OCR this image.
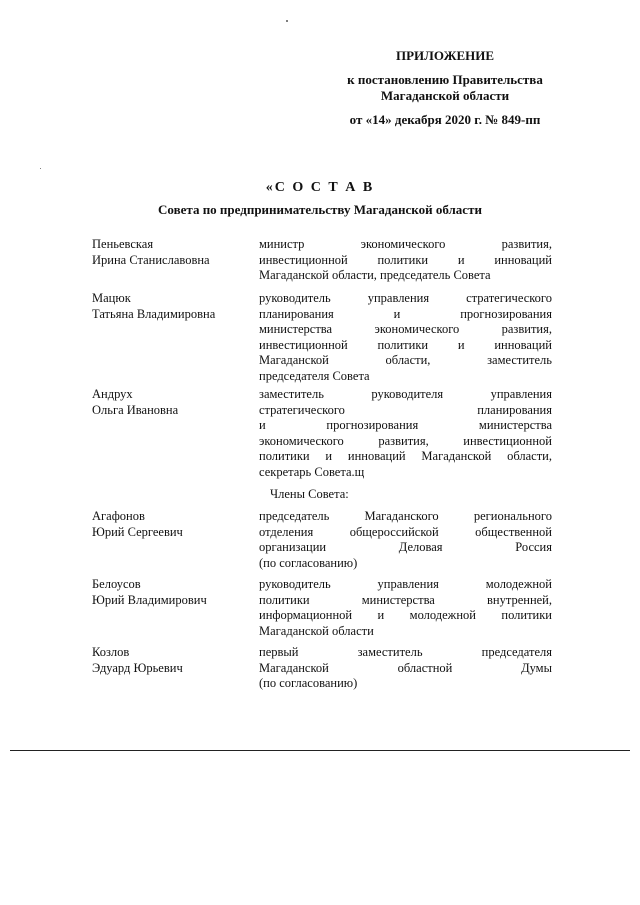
ПРИЛОЖЕНИЕ
к постановлению Правительства
Магаданской области
от «14» декабря 2020 г. № 849-пп
«С О С Т А В
Совета по предпринимательству Магаданской области
Пеньевская
Ирина Станиславовна
министр экономического развития,
инвестиционной политики и инноваций
Магаданской области, председатель Совета
Мацюк
Татьяна Владимировна
руководитель управления стратегического
планирования и прогнозирования
министерства экономического развития,
инвестиционной политики и инноваций
Магаданской области, заместитель
председателя Совета
Андрух
Ольга Ивановна
заместитель руководителя управления
стратегического планирования
и прогнозирования министерства
экономического развития, инвестиционной
политики и инноваций Магаданской области,
секретарь Совета.щ
Члены Совета:
Агафонов
Юрий Сергеевич
председатель Магаданского регионального
отделения общероссийской общественной
организации Деловая Россия
(по согласованию)
Белоусов
Юрий Владимирович
руководитель управления молодежной
политики министерства внутренней,
информационной и молодежной политики
Магаданской области
Козлов
Эдуард Юрьевич
первый заместитель председателя
Магаданской областной Думы
(по согласованию)
